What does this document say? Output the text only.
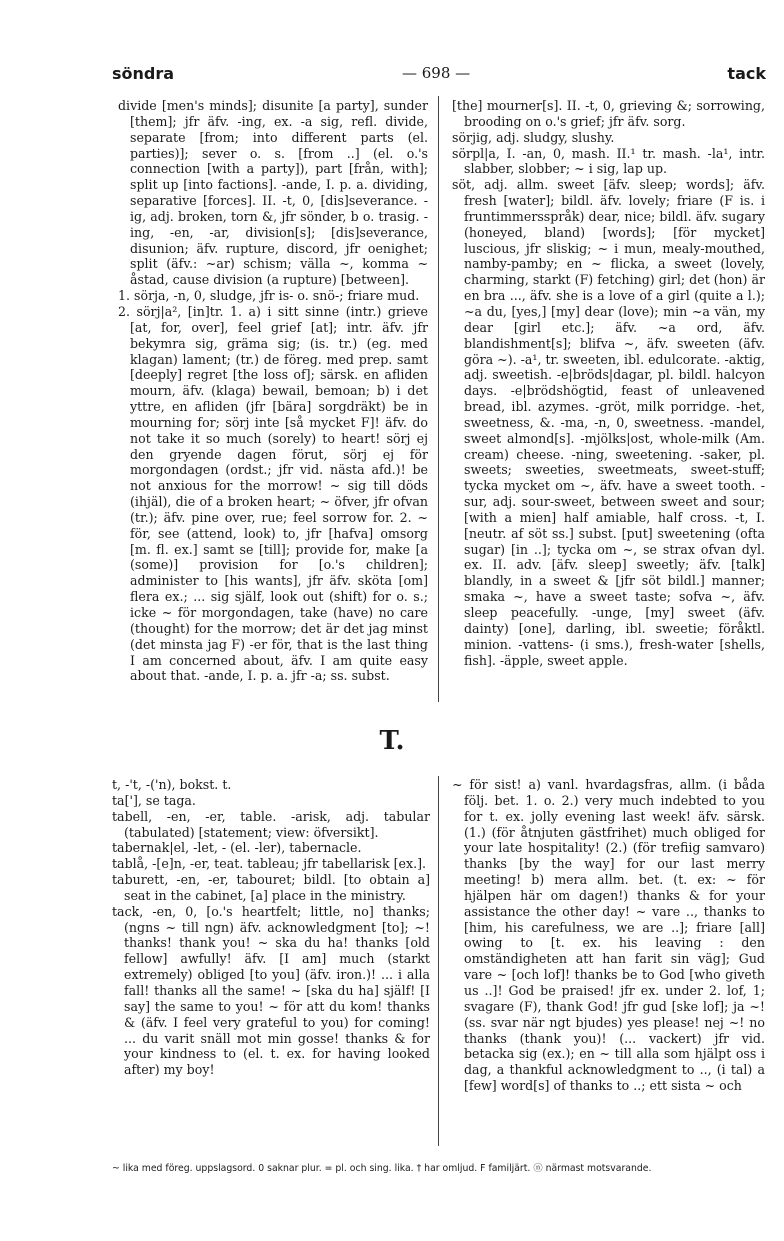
söndra	— 698 —	tack

divide [men's minds]; disunite [a party], sunder [them]; jfr äfv. -ing, ex. -a sig, refl. divide, separate [from; into different parts (el. parties)]; sever o. s. [from ..] (el. o.'s connection [with a party]), part [från, with]; split up [into factions]. -ande, I. p. a. dividing, separative [forces]. II. -t, 0, [dis]severance. -ig, adj. broken, torn &, jfr sönder, b o. trasig. -ing, -en, -ar, division[s]; [dis]severance, disunion; äfv. rupture, discord, jfr oenighet; split (äfv.: ~ar) schism; välla ~, komma ~ åstad, cause division (a rupture) [between].

1. sörja, -n, 0, sludge, jfr is- o. snö-; friare mud.

2. sörj|a², [in]tr. 1. a) i sitt sinne (intr.) grieve [at, for, over], feel grief [at]; intr. äfv. jfr bekymra sig, gräma sig; (is. tr.) (eg. med klagan) lament; (tr.) de föreg. med prep. samt [deeply] regret [the loss of]; särsk. en afliden mourn, äfv. (klaga) bewail, bemoan; b) i det yttre, en afliden (jfr [bära] sorgdräkt) be in mourning for; sörj inte [så mycket F]! äfv. do not take it so much (sorely) to heart! sörj ej den gryende dagen förut, sörj ej för morgondagen (ordst.; jfr vid. nästa afd.)! be not anxious for the morrow! ~ sig till döds (ihjäl), die of a broken heart; ~ öfver, jfr ofvan (tr.); äfv. pine over, rue; feel sorrow for. 2. ~ för, see (attend, look) to, jfr [hafva] omsorg [m. fl. ex.] samt se [till]; provide for, make [a (some)] provision for [o.'s children]; administer to [his wants], jfr äfv. sköta [om] flera ex.; ... sig själf, look out (shift) for o. s.; icke ~ för morgondagen, take (have) no care (thought) for the morrow; det är det jag minst (det minsta jag F) -er för, that is the last thing I am concerned about, äfv. I am quite easy about that. -ande, I. p. a. jfr -a; ss. subst.

[the] mourner[s]. II. -t, 0, grieving &; sorrowing, brooding on o.'s grief; jfr äfv. sorg.

sörjig, adj. sludgy, slushy.

sörpl|a, I. -an, 0, mash. II.¹ tr. mash. -la¹, intr. slabber, slobber; ~ i sig, lap up.

söt, adj. allm. sweet [äfv. sleep; words]; äfv. fresh [water]; bildl. äfv. lovely; friare (F is. i fruntimmersspråk) dear, nice; bildl. äfv. sugary (honeyed, bland) [words]; [för mycket] luscious, jfr sliskig; ~ i mun, mealy-mouthed, namby-pamby; en ~ flicka, a sweet (lovely, charming, starkt (F) fetching) girl; det (hon) är en bra ..., äfv. she is a love of a girl (quite a l.); ~a du, [yes,] [my] dear (love); min ~a vän, my dear [girl etc.]; äfv. ~a ord, äfv. blandishment[s]; blifva ~, äfv. sweeten (äfv. göra ~). -a¹, tr. sweeten, ibl. edulcorate. -aktig, adj. sweetish. -e|bröds|dagar, pl. bildl. halcyon days. -e|brödshögtid, feast of unleavened bread, ibl. azymes. -gröt, milk porridge. -het, sweetness, &. -ma, -n, 0, sweetness. -mandel, sweet almond[s]. -mjölks|ost, whole-milk (Am. cream) cheese. -ning, sweetening. -saker, pl. sweets; sweeties, sweetmeats, sweet-stuff; tycka mycket om ~, äfv. have a sweet tooth. -sur, adj. sour-sweet, between sweet and sour; [with a mien] half amiable, half cross. -t, I. [neutr. af söt ss.] subst. [put] sweetening (ofta sugar) [in ..]; tycka om ~, se strax ofvan dyl. ex. II. adv. [äfv. sleep] sweetly; äfv. [talk] blandly, in a sweet & [jfr söt bildl.] manner; smaka ~, have a sweet taste; sofva ~, äfv. sleep peacefully. -unge, [my] sweet (äfv. dainty) [one], darling, ibl. sweetie; föråktl. minion. -vattens- (i sms.), fresh-water [shells, fish]. -äpple, sweet apple.

T.

t, -'t, -('n), bokst. t.

ta['], se taga.

tabell, -en, -er, table. -arisk, adj. tabular (tabulated) [statement; view: öfversikt].

tabernak|el, -let, - (el. -ler), tabernacle.

tablå, -[e]n, -er, teat. tableau; jfr tabellarisk [ex.].

taburett, -en, -er, tabouret; bildl. [to obtain a] seat in the cabinet, [a] place in the ministry.

tack, -en, 0, [o.'s heartfelt; little, no] thanks; (ngns ~ till ngn) äfv. acknowledgment [to]; ~! thanks! thank you! ~ ska du ha! thanks [old fellow] awfully! äfv. [I am] much (starkt extremely) obliged [to you] (äfv. iron.)! ... i alla fall! thanks all the same! ~ [ska du ha] själf! [I say] the same to you! ~ för att du kom! thanks & (äfv. I feel very grateful to you) for coming! ... du varit snäll mot min gosse! thanks & for your kindness to (el. t. ex. for having looked after) my boy!

~ för sist! a) vanl. hvardagsfras, allm. (i båda följ. bet. 1. o. 2.) very much indebted to you for t. ex. jolly evening last week! äfv. särsk. (1.) (för åtnjuten gästfrihet) much obliged for your late hospitality! (2.) (för trefiig samvaro) thanks [by the way] for our last merry meeting! b) mera allm. bet. (t. ex: ~ för hjälpen här om dagen!) thanks & for your assistance the other day! ~ vare .., thanks to [him, his carefulness, we are ..]; friare [all] owing to [t. ex. his leaving : den omständigheten att han farit sin väg]; Gud vare ~ [och lof]! thanks be to God [who giveth us ..]! God be praised! jfr ex. under 2. lof, 1; svagare (F), thank God! jfr gud [ske lof]; ja ~! (ss. svar när ngt bjudes) yes please! nej ~! no thanks (thank you)! (... vackert) jfr vid. betacka sig (ex.); en ~ till alla som hjälpt oss i dag, a thankful acknowledgment to .., (i tal) a [few] word[s] of thanks to ..; ett sista ~ och

~ lika med föreg. uppslagsord. 0 saknar plur. = pl. och sing. lika. † har omljud. F familjärt. ⓝ närmast motsvarande.
